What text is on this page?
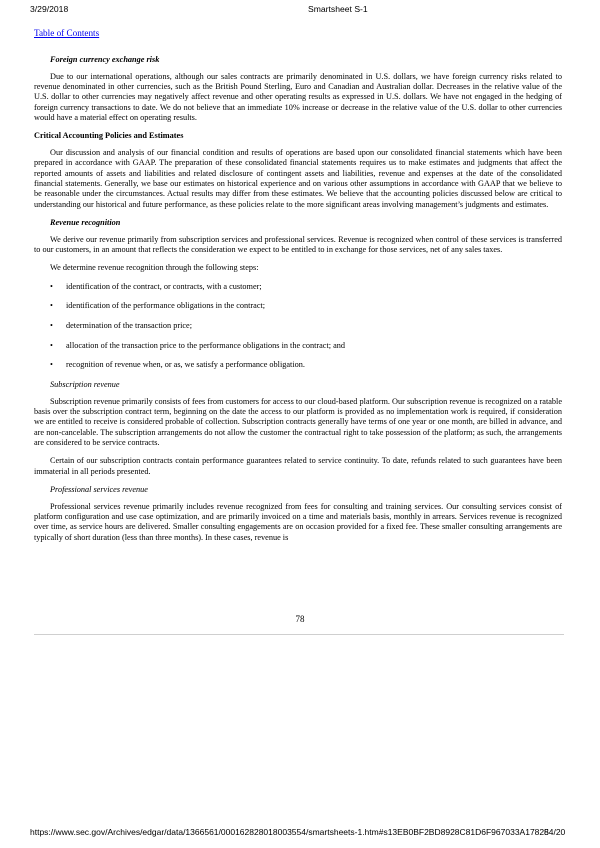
3/29/2018	Smartsheet S-1
Table of Contents
Foreign currency exchange risk

Due to our international operations, although our sales contracts are primarily denominated in U.S. dollars, we have foreign currency risks related to revenue denominated in other currencies, such as the British Pound Sterling, Euro and Canadian and Australian dollar. Decreases in the relative value of the U.S. dollar to other currencies may negatively affect revenue and other operating results as expressed in U.S. dollars. We have not engaged in the hedging of foreign currency transactions to date. We do not believe that an immediate 10% increase or decrease in the relative value of the U.S. dollar to other currencies would have a material effect on operating results.

Critical Accounting Policies and Estimates

Our discussion and analysis of our financial condition and results of operations are based upon our consolidated financial statements which have been prepared in accordance with GAAP. The preparation of these consolidated financial statements requires us to make estimates and judgments that affect the reported amounts of assets and liabilities and related disclosure of contingent assets and liabilities, revenue and expenses at the date of the consolidated financial statements. Generally, we base our estimates on historical experience and on various other assumptions in accordance with GAAP that we believe to be reasonable under the circumstances. Actual results may differ from these estimates. We believe that the accounting policies discussed below are critical to understanding our historical and future performance, as these policies relate to the more significant areas involving management’s judgments and estimates.

Revenue recognition

We derive our revenue primarily from subscription services and professional services. Revenue is recognized when control of these services is transferred to our customers, in an amount that reflects the consideration we expect to be entitled to in exchange for those services, net of any sales taxes.

We determine revenue recognition through the following steps:

• identification of the contract, or contracts, with a customer;
• identification of the performance obligations in the contract;
• determination of the transaction price;
• allocation of the transaction price to the performance obligations in the contract; and
• recognition of revenue when, or as, we satisfy a performance obligation.
Subscription revenue

Subscription revenue primarily consists of fees from customers for access to our cloud-based platform. Our subscription revenue is recognized on a ratable basis over the subscription contract term, beginning on the date the access to our platform is provided as no implementation work is required, if consideration we are entitled to receive is considered probable of collection. Subscription contracts generally have terms of one year or one month, are billed in advance, and are non-cancelable. The subscription arrangements do not allow the customer the contractual right to take possession of the platform; as such, the arrangements are considered to be service contracts.

Certain of our subscription contracts contain performance guarantees related to service continuity. To date, refunds related to such guarantees have been immaterial in all periods presented.

Professional services revenue

Professional services revenue primarily includes revenue recognized from fees for consulting and training services. Our consulting services consist of platform configuration and use case optimization, and are primarily invoiced on a time and materials basis, monthly in arrears. Services revenue is recognized over time, as service hours are delivered. Smaller consulting engagements are on occasion provided for a fixed fee. These smaller consulting arrangements are typically of short duration (less than three months). In these cases, revenue is

78
https://www.sec.gov/Archives/edgar/data/1366561/000162828018003554/smartsheets-1.htm#s13EB0BF2BD8928C81D6F967033A17825
84/20
